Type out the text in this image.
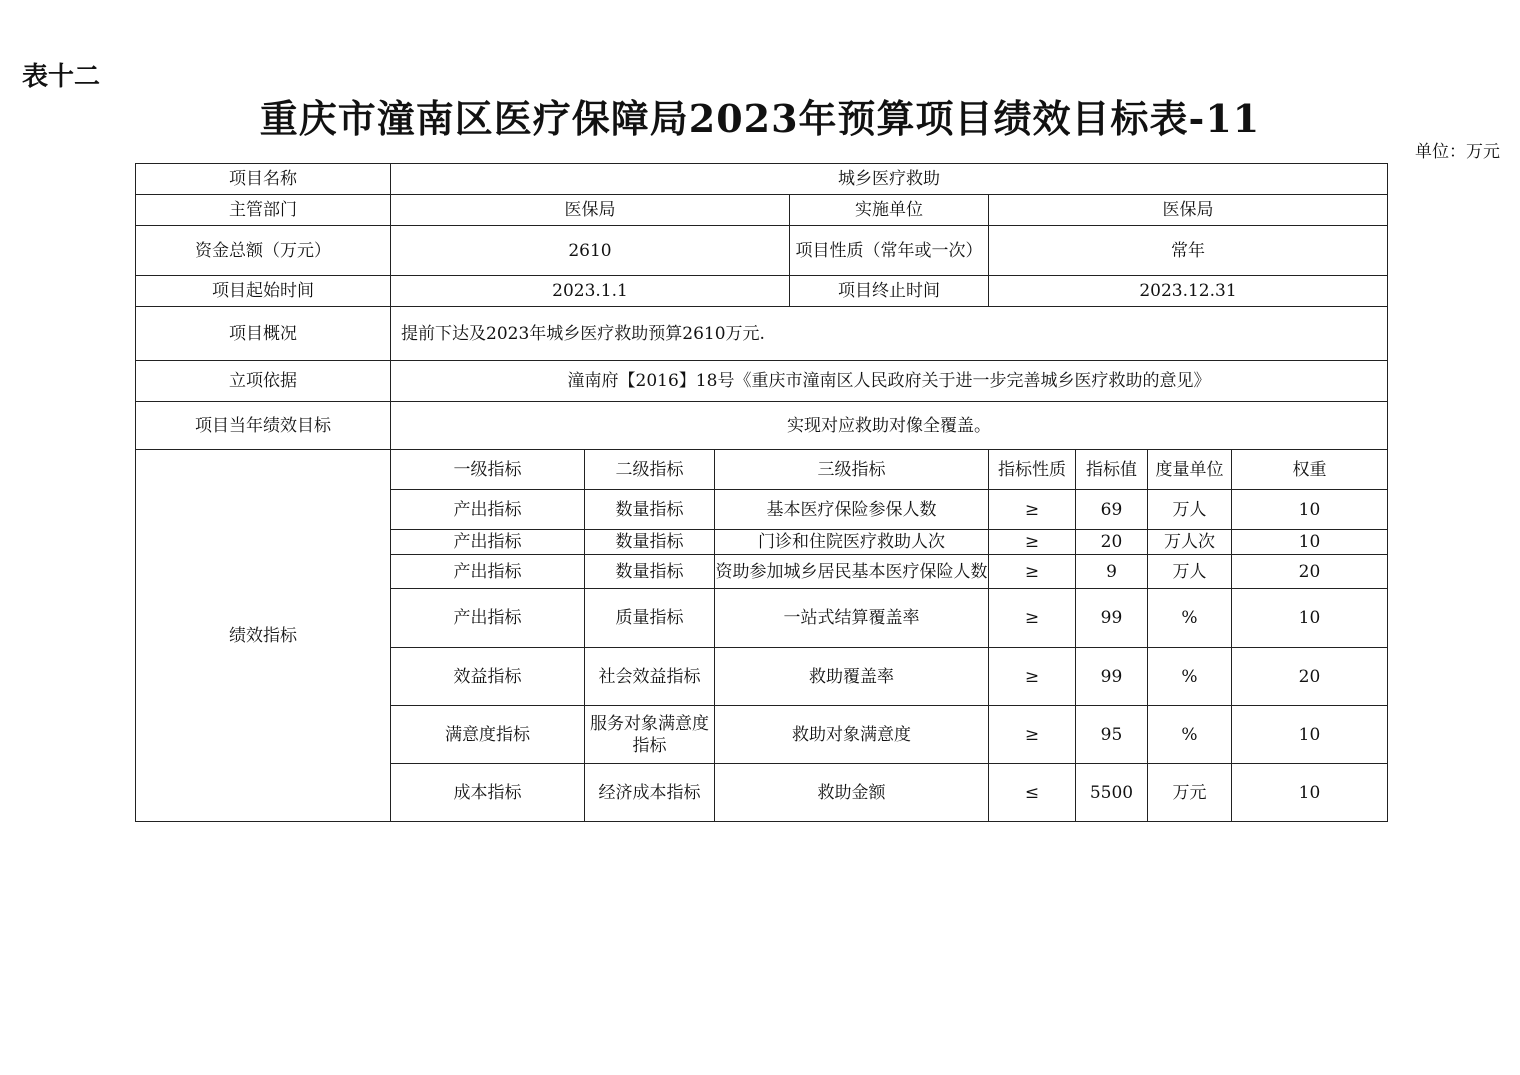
表十二
重庆市潼南区医疗保障局2023年预算项目绩效目标表-11
单位：万元
项目名称	城乡医疗救助							
主管部门	医保局			实施单位	医保局			
资金总额（万元）	2610			项目性质（常年或一次）	常年			
项目起始时间	2023.1.1			项目终止时间	2023.12.31			
项目概况	提前下达及2023年城乡医疗救助预算2610万元.							
立项依据	潼南府【2016】18号《重庆市潼南区人民政府关于进一步完善城乡医疗救助的意见》							
项目当年绩效目标	实现对应救助对像全覆盖。							
绩效指标	一级指标	二级指标	三级指标		指标性质	指标值	度量单位	权重
	产出指标	数量指标	基本医疗保险参保人数		≥	69	万人	10
	产出指标	数量指标	门诊和住院医疗救助人次		≥	20	万人次	10
	产出指标	数量指标	资助参加城乡居民基本医疗保险人数		≥	9	万人	20
	产出指标	质量指标	一站式结算覆盖率		≥	99	%	10
	效益指标	社会效益指标	救助覆盖率		≥	99	%	20
	满意度指标	服务对象满意度指标	救助对象满意度		≥	95	%	10
	成本指标	经济成本指标	救助金额		≤	5500	万元	10
